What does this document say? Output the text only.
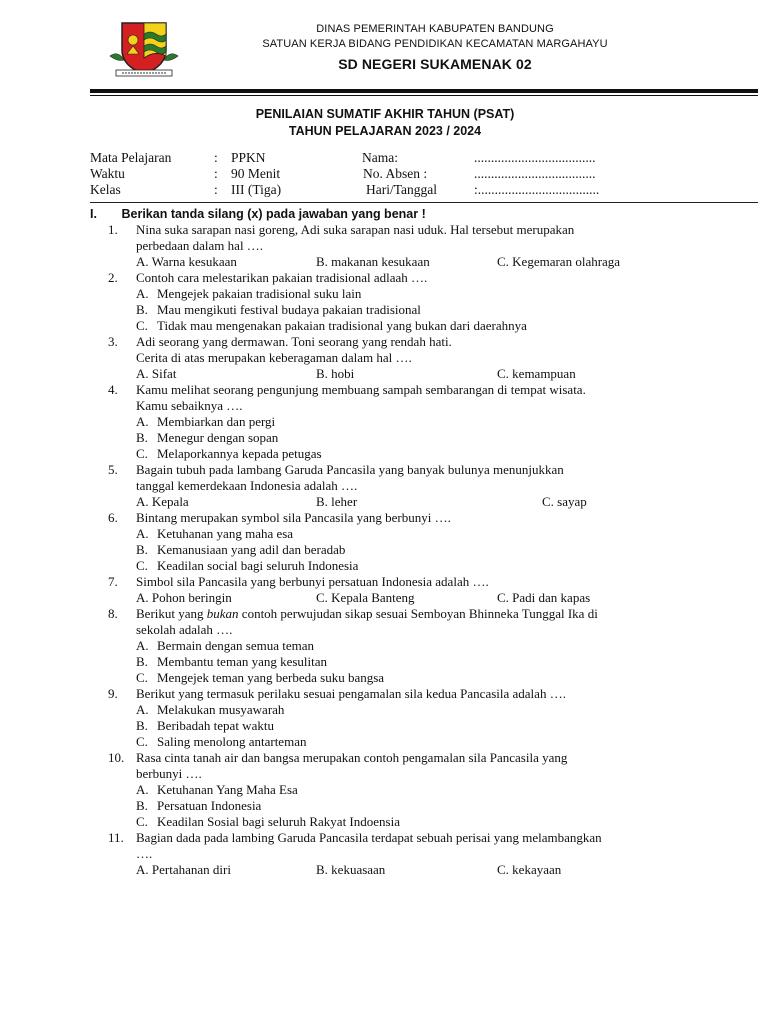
DINAS PEMERINTAH KABUPATEN BANDUNG
SATUAN KERJA BIDANG PENDIDIKAN KECAMATAN MARGAHAYU
SD NEGERI SUKAMENAK 02
PENILAIAN SUMATIF AKHIR TAHUN (PSAT)
TAHUN PELAJARAN 2023 / 2024
Mata Pelajaran	: PPKN	Nama:	....................................
Waktu	: 90 Menit	No. Absen :	....................................
Kelas	: III (Tiga)	Hari/Tanggal	:....................................
I. Berikan tanda silang (x) pada jawaban yang benar !
1.	Nina suka sarapan nasi goreng, Adi suka sarapan nasi uduk. Hal tersebut merupakan
perbedaan dalam hal ….
A. Warna kesukaan	B. makanan kesukaan	C. Kegemaran olahraga
2.	Contoh cara melestarikan pakaian tradisional adlaah ….
A. Mengejek pakaian tradisional suku lain
B. Mau mengikuti festival budaya pakaian tradisional
C. Tidak mau mengenakan pakaian tradisional yang bukan dari daerahnya
3.	Adi seorang yang dermawan. Toni seorang yang rendah hati.
Cerita di atas merupakan keberagaman dalam hal ….
A. Sifat	B. hobi	C. kemampuan
4.	Kamu melihat seorang pengunjung membuang sampah sembarangan di tempat wisata.
Kamu sebaiknya ….
A. Membiarkan dan pergi
B. Menegur dengan sopan
C. Melaporkannya kepada petugas
5.	Bagain tubuh pada lambang Garuda Pancasila yang banyak bulunya menunjukkan
tanggal kemerdekaan Indonesia adalah ….
A. Kepala	B. leher	C. sayap
6.	Bintang merupakan symbol sila Pancasila yang berbunyi ….
A. Ketuhanan yang maha esa
B. Kemanusiaan yang adil dan beradab
C. Keadilan social bagi seluruh Indonesia
7.	Simbol sila Pancasila yang berbunyi persatuan Indonesia adalah ….
A. Pohon beringin	C. Kepala Banteng	C. Padi dan kapas
8.	Berikut yang bukan contoh perwujudan sikap sesuai Semboyan Bhinneka Tunggal Ika di
sekolah adalah ….
A. Bermain dengan semua teman
B. Membantu teman yang kesulitan
C. Mengejek teman yang berbeda suku bangsa
9.	Berikut yang termasuk perilaku sesuai pengamalan sila kedua Pancasila adalah ….
A. Melakukan musyawarah
B. Beribadah tepat waktu
C. Saling menolong antarteman
10. Rasa cinta tanah air dan bangsa merupakan contoh pengamalan sila Pancasila yang
berbunyi ….
A. Ketuhanan Yang Maha Esa
B. Persatuan Indonesia
C. Keadilan Sosial bagi seluruh Rakyat Indoensia
11. Bagian dada pada lambing Garuda Pancasila terdapat sebuah perisai yang melambangkan
….
A. Pertahanan diri	B. kekuasaan	C. kekayaan
